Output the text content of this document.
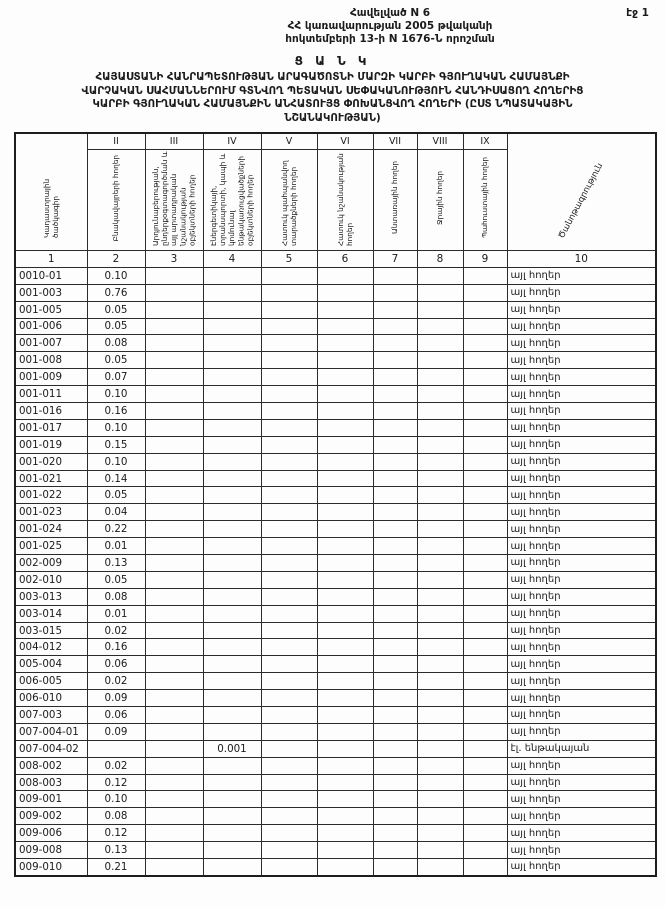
Հավելված N 6
ՀՀ կառավարության 2005 թվականի
հոկտեմբերի 13-ի N 1676-Ն որոշման
էջ 1
Ց Ա Ն Կ
ՀԱՅԱՍՏԱՆԻ ՀԱՆՐԱՊԵՏՈՒԹՅԱՆ ԱՐԱԳԱԾՈՏՆԻ ՄԱՐԶԻ ԿԱՐԲԻ ԳՅՈՒՂԱԿԱՆ ՀԱՄԱՅՆՔԻ
ՎԱՐՉԱԿԱՆ ՍԱՀՄԱՆՆԵՐՈՒՄ ԳՏՆՎՈՂ ՊԵՏԱԿԱՆ ՍԵՓԱԿԱՆՈՒԹՅՈՒՆ ՀԱՆԴԻՍԱՑՈՂ ՀՈՂԵՐԻՑ
ԿԱՐԲԻ ԳՅՈՒՂԱԿԱՆ ՀԱՄԱՅՆՔԻՆ ԱՆՀԱՏՈՒՅՑ ՓՈԽԱՆՑՎՈՂ ՀՈՂԵՐԻ (ԸՍՏ ՆՊԱՏԱԿԱՅԻՆ
ՆՇԱՆԱԿՈՒԹՅԱՆ)
Կադաստրային ծածկագիր	II	III	IV	V	VI	VII	VIII	IX	Ծանոթագրություն

	Բնակավայրերի հողեր	Արդյունաբերության, ընդերքօգտագործման և այլ արտադրական նշանակության օբյեկտների հողեր	Էներգետիկայի, տրանսպորտի, կապի և կոմունալ ենթակառուցվածքների օբյեկտների հողեր	Հատուկ պահպանվող տարածքների հողեր	Հատուկ նշանակության հողեր	Անտառային հողեր	Ջրային հողեր	Պահուստային հողեր	
1	2	3	4	5	6	7	8	9	10
0010-01	0.10								այլ հողեր
001-003	0.76								այլ հողեր
001-005	0.05								այլ հողեր
001-006	0.05								այլ հողեր
001-007	0.08								այլ հողեր
001-008	0.05								այլ հողեր
001-009	0.07								այլ հողեր
001-011	0.10								այլ հողեր
001-016	0.16								այլ հողեր
001-017	0.10								այլ հողեր
001-019	0.15								այլ հողեր
001-020	0.10								այլ հողեր
001-021	0.14								այլ հողեր
001-022	0.05								այլ հողեր
001-023	0.04								այլ հողեր
001-024	0.22								այլ հողեր
001-025	0.01								այլ հողեր
002-009	0.13								այլ հողեր
002-010	0.05								այլ հողեր
003-013	0.08								այլ հողեր
003-014	0.01								այլ հողեր
003-015	0.02								այլ հողեր
004-012	0.16								այլ հողեր
005-004	0.06								այլ հողեր
006-005	0.02								այլ հողեր
006-010	0.09								այլ հողեր
007-003	0.06								այլ հողեր
007-004-01	0.09								այլ հողեր
007-004-02			0.001						էլ. ենթակայան
008-002	0.02								այլ հողեր
008-003	0.12								այլ հողեր
009-001	0.10								այլ հողեր
009-002	0.08								այլ հողեր
009-006	0.12								այլ հողեր
009-008	0.13								այլ հողեր
009-010	0.21								այլ հողեր
